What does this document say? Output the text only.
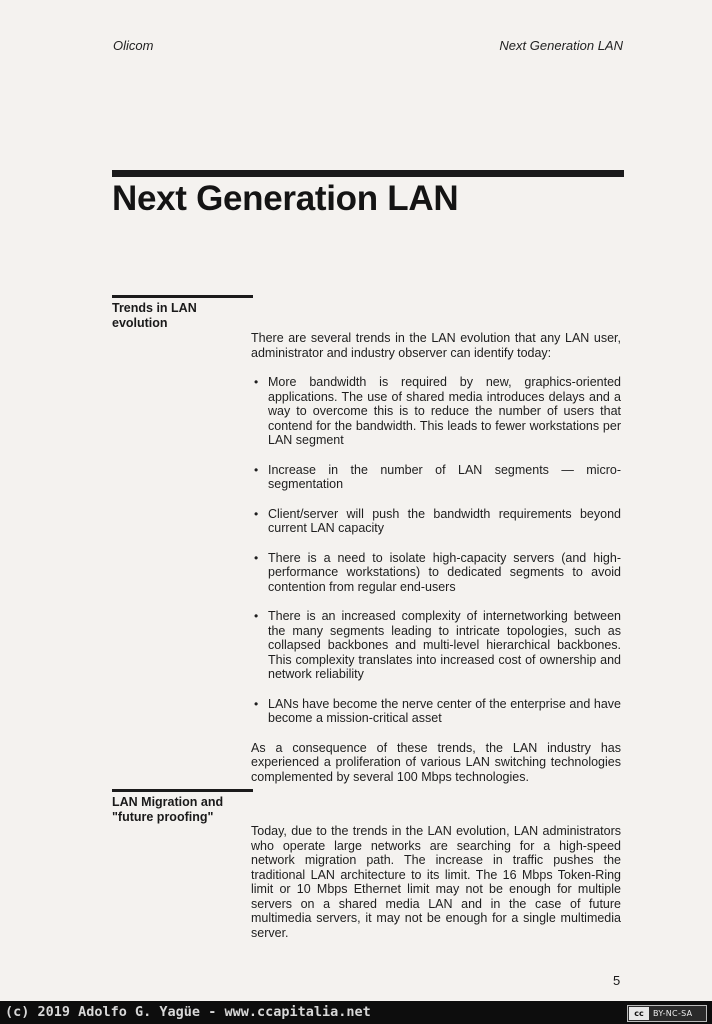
Olicom	Next Generation LAN
Next Generation LAN
Trends in LAN evolution

There are several trends in the LAN evolution that any LAN user, administrator and industry observer can identify today:

• More bandwidth is required by new, graphics-oriented applications. The use of shared media introduces delays and a way to overcome this is to reduce the number of users that contend for the bandwidth. This leads to fewer workstations per LAN segment
• Increase in the number of LAN segments — micro-segmentation
• Client/server will push the bandwidth requirements beyond current LAN capacity
• There is a need to isolate high-capacity servers (and high-performance workstations) to dedicated segments to avoid contention from regular end-users
• There is an increased complexity of internetworking between the many segments leading to intricate topologies, such as collapsed backbones and multi-level hierarchical backbones. This complexity translates into increased cost of ownership and network reliability
• LANs have become the nerve center of the enterprise and have become a mission-critical asset

As a consequence of these trends, the LAN industry has experienced a proliferation of various LAN switching technologies complemented by several 100 Mbps technologies.

LAN Migration and "future proofing"

Today, due to the trends in the LAN evolution, LAN administrators who operate large networks are searching for a high-speed network migration path. The increase in traffic pushes the traditional LAN architecture to its limit. The 16 Mbps Token-Ring limit or 10 Mbps Ethernet limit may not be enough for multiple servers on a shared media LAN and in the case of future multimedia servers, it may not be enough for a single multimedia server.

5
(c) 2019 Adolfo G. Yagüe - www.ccapitalia.net	cc	BY-NC-SA
